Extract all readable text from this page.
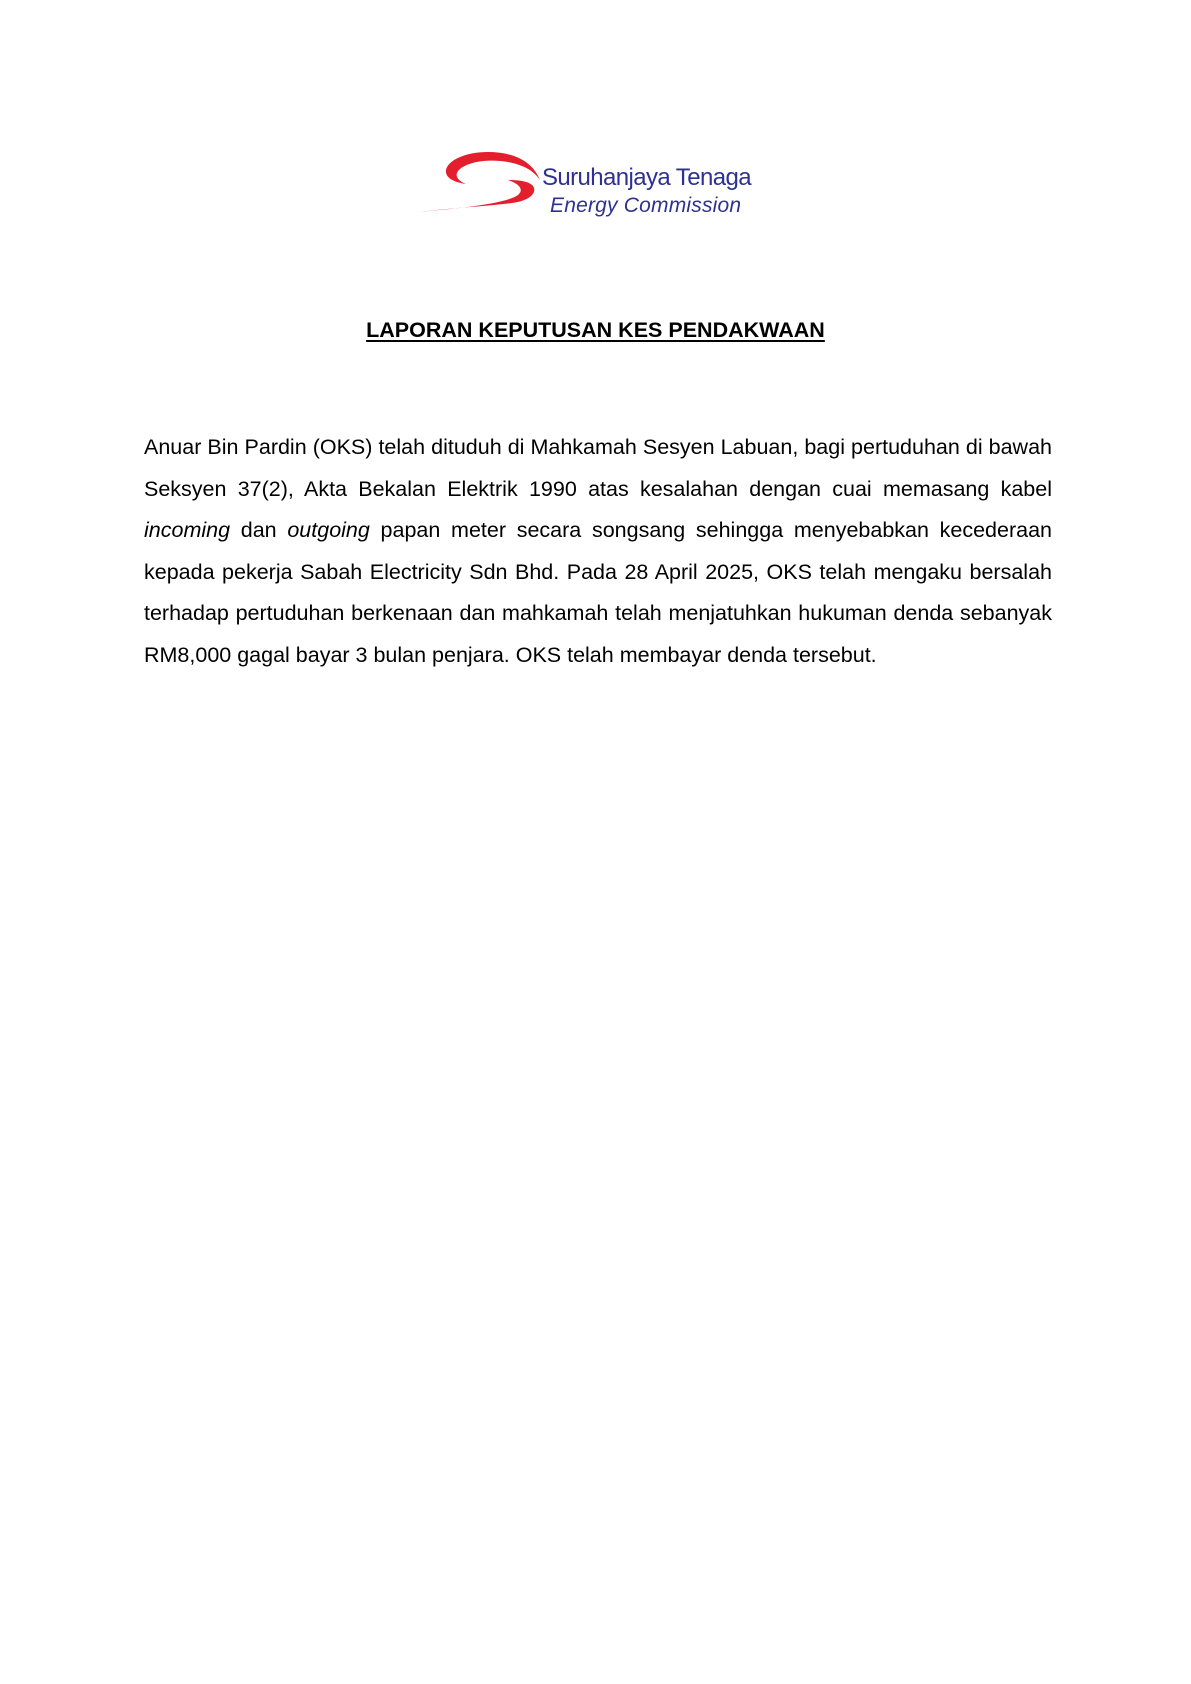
Suruhanjaya Tenaga
Energy Commission
LAPORAN KEPUTUSAN KES PENDAKWAAN
Anuar Bin Pardin (OKS) telah dituduh di Mahkamah Sesyen Labuan, bagi pertuduhan di bawah Seksyen 37(2), Akta Bekalan Elektrik 1990 atas kesalahan dengan cuai memasang kabel incoming dan outgoing papan meter secara songsang sehingga menyebabkan kecederaan kepada pekerja Sabah Electricity Sdn Bhd. Pada 28 April 2025, OKS telah mengaku bersalah terhadap pertuduhan berkenaan dan mahkamah telah menjatuhkan hukuman denda sebanyak RM8,000 gagal bayar 3 bulan penjara. OKS telah membayar denda tersebut.
